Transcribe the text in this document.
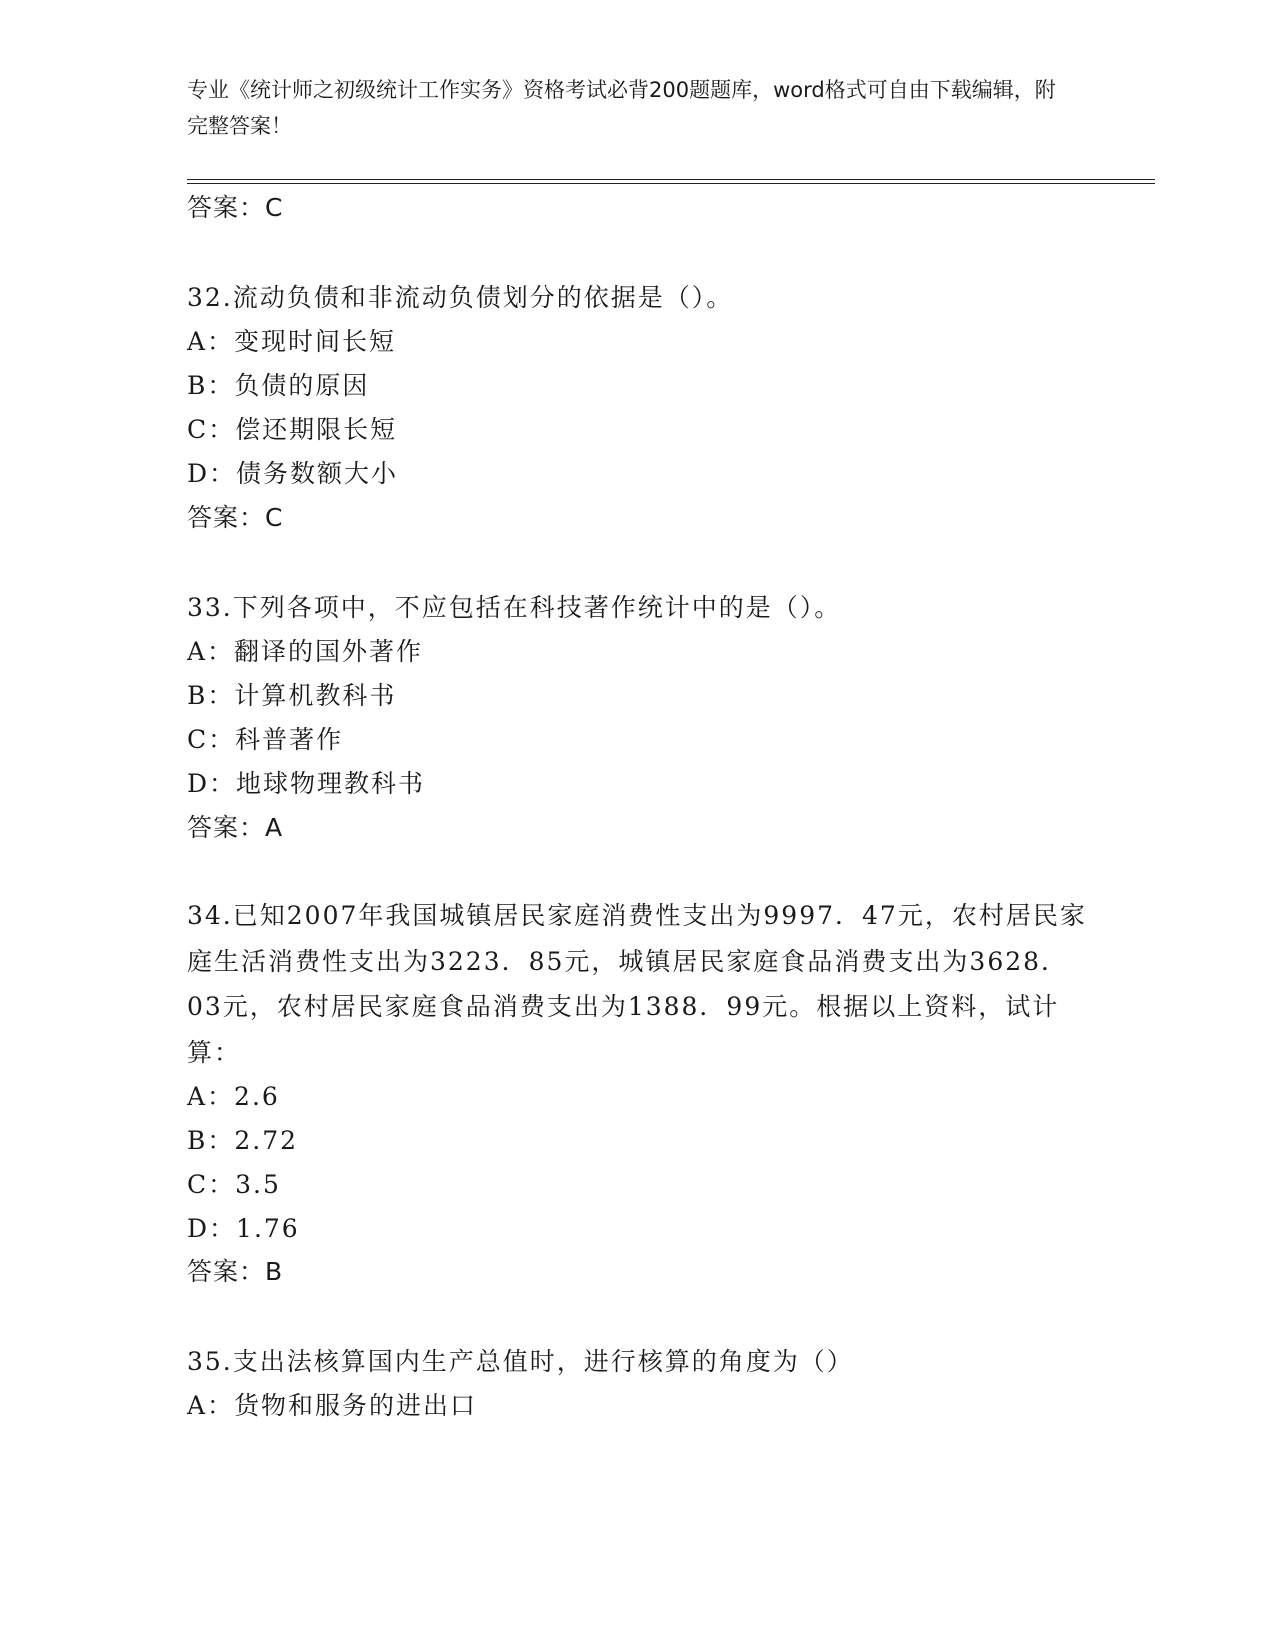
专业《统计师之初级统计工作实务》资格考试必背200题题库，word格式可自由下载编辑，附完整答案！
答案：C
32.流动负债和非流动负债划分的依据是（）。
A：变现时间长短
B：负债的原因
C：偿还期限长短
D：债务数额大小
答案：C
33.下列各项中，不应包括在科技著作统计中的是（）。
A：翻译的国外著作
B：计算机教科书
C：科普著作
D：地球物理教科书
答案：A

34.已知2007年我国城镇居民家庭消费性支出为9997．47元，农村居民家庭生活消费性支出为3223．85元，城镇居民家庭食品消费支出为3628．03元，农村居民家庭食品消费支出为1388．99元。根据以上资料，试计算：

A：2.6
B：2.72
C：3.5
D：1.76
答案：B
35.支出法核算国内生产总值时，进行核算的角度为（）
A：货物和服务的进出口
